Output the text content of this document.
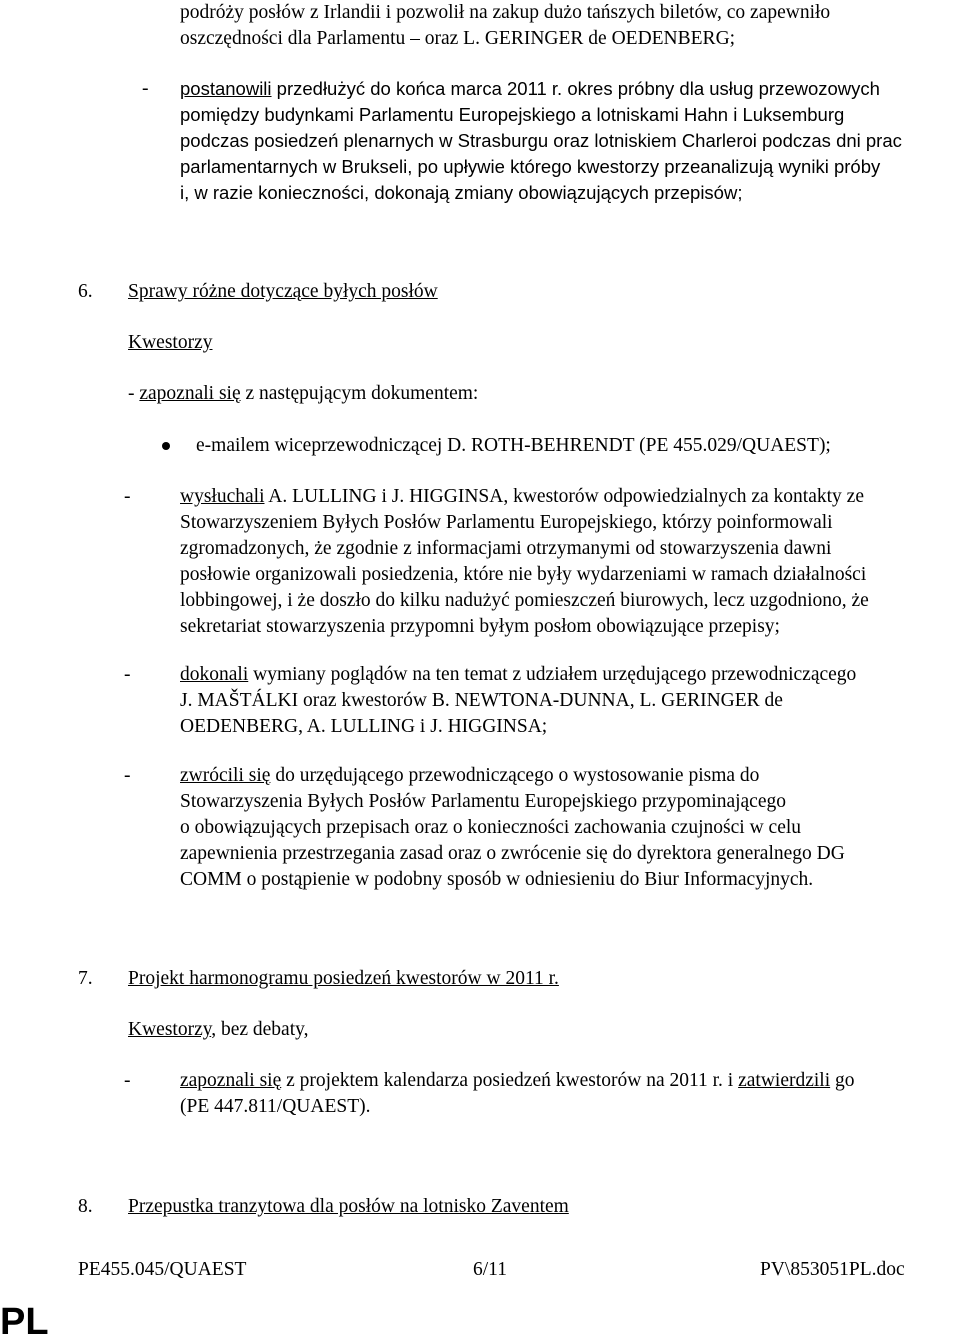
podróży posłów z Irlandii i pozwolił na zakup dużo tańszych biletów, co zapewniło
oszczędności dla Parlamentu – oraz L. GERINGER de OEDENBERG;

-	postanowili przedłużyć do końca marca 2011 r. okres próbny dla usług przewozowych
pomiędzy budynkami Parlamentu Europejskiego a lotniskami Hahn i Luksemburg
podczas posiedzeń plenarnych w Strasburgu oraz lotniskiem Charleroi podczas dni prac
parlamentarnych w Brukseli, po upływie którego kwestorzy przeanalizują wyniki próby
i, w razie konieczności, dokonają zmiany obowiązujących przepisów;

6. Sprawy różne dotyczące byłych posłów

Kwestorzy

- zapoznali się z następującym dokumentem:

e-mailem wiceprzewodniczącej D. ROTH-BEHRENDT (PE 455.029/QUAEST);

-	wysłuchali A. LULLING i J. HIGGINSA, kwestorów odpowiedzialnych za kontakty ze
Stowarzyszeniem Byłych Posłów Parlamentu Europejskiego, którzy poinformowali
zgromadzonych, że zgodnie z informacjami otrzymanymi od stowarzyszenia dawni
posłowie organizowali posiedzenia, które nie były wydarzeniami w ramach działalności
lobbingowej, i że doszło do kilku nadużyć pomieszczeń biurowych, lecz uzgodniono, że
sekretariat stowarzyszenia przypomni byłym posłom obowiązujące przepisy;

-	dokonali wymiany poglądów na ten temat z udziałem urzędującego przewodniczącego
J. MAŠTÁLKI oraz kwestorów B. NEWTONA-DUNNA, L. GERINGER de
OEDENBERG, A. LULLING i J. HIGGINSA;

-	zwrócili się do urzędującego przewodniczącego o wystosowanie pisma do
Stowarzyszenia Byłych Posłów Parlamentu Europejskiego przypominającego
o obowiązujących przepisach oraz o konieczności zachowania czujności w celu
zapewnienia przestrzegania zasad oraz o zwrócenie się do dyrektora generalnego DG
COMM o postąpienie w podobny sposób w odniesieniu do Biur Informacyjnych.

7. Projekt harmonogramu posiedzeń kwestorów w 2011 r.

Kwestorzy, bez debaty,

-	zapoznali się z projektem kalendarza posiedzeń kwestorów na 2011 r. i zatwierdzili go
(PE 447.811/QUAEST).

8. Przepustka tranzytowa dla posłów na lotnisko Zaventem

PE455.045/QUAEST	6/11	PV\853051PL.doc
PL
